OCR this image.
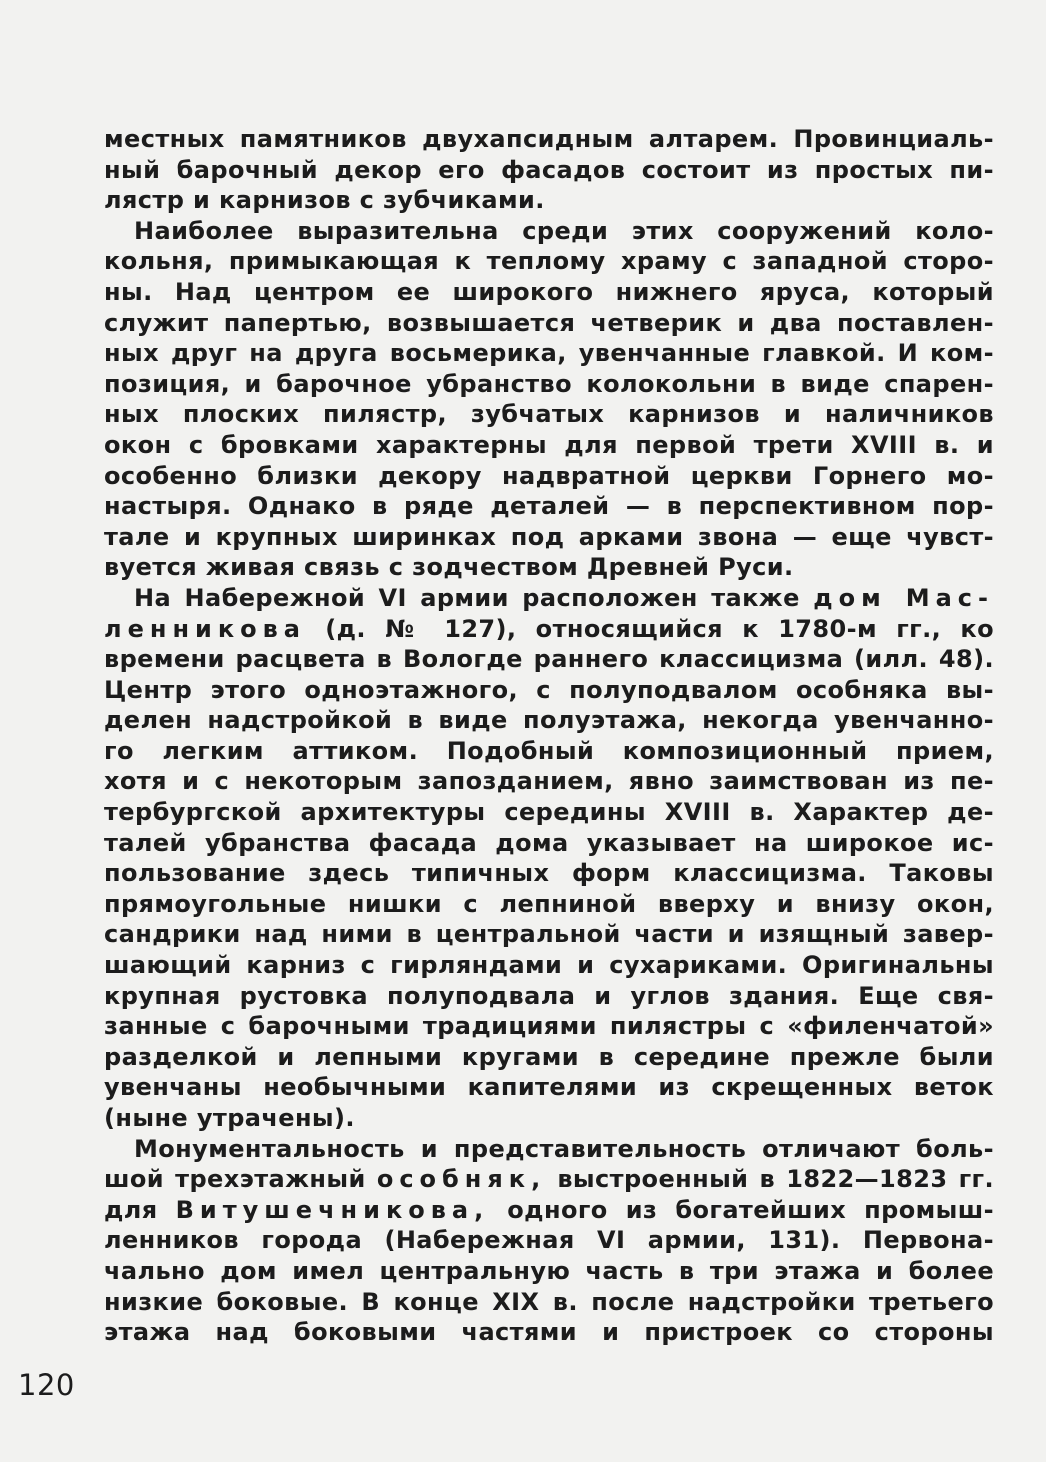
местных памятников двухапсидным алтарем. Провинциаль-
ный барочный декор его фасадов состоит из простых пи-
лястр и карнизов с зубчиками.
Наиболее выразительна среди этих сооружений коло-
кольня, примыкающая к теплому храму с западной сторо-
ны. Над центром ее широкого нижнего яруса, который
служит папертью, возвышается четверик и два поставлен-
ных друг на друга восьмерика, увенчанные главкой. И ком-
позиция, и барочное убранство колокольни в виде спарен-
ных плоских пилястр, зубчатых карнизов и наличников
окон с бровками характерны для первой трети XVIII в. и
особенно близки декору надвратной церкви Горнего мо-
настыря. Однако в ряде деталей — в перспективном пор-
тале и крупных ширинках под арками звона — еще чувст-
вуется живая связь с зодчеством Древней Руси.
На Набережной VI армии расположен также дом Мас-
ленникова (д. № 127), относящийся к 1780-м гг., ко
времени расцвета в Вологде раннего классицизма (илл. 48).
Центр этого одноэтажного, с полуподвалом особняка вы-
делен надстройкой в виде полуэтажа, некогда увенчанно-
го легким аттиком. Подобный композиционный прием,
хотя и с некоторым запозданием, явно заимствован из пе-
тербургской архитектуры середины XVIII в. Характер де-
талей убранства фасада дома указывает на широкое ис-
пользование здесь типичных форм классицизма. Таковы
прямоугольные нишки с лепниной вверху и внизу окон,
сандрики над ними в центральной части и изящный завер-
шающий карниз с гирляндами и сухариками. Оригинальны
крупная рустовка полуподвала и углов здания. Еще свя-
занные с барочными традициями пилястры с «филенчатой»
разделкой и лепными кругами в середине прежле были
увенчаны необычными капителями из скрещенных веток
(ныне утрачены).
Монументальность и представительность отличают боль-
шой трехэтажный особняк, выстроенный в 1822—1823 гг.
для Витушечникова, одного из богатейших промыш-
ленников города (Набережная VI армии, 131). Первона-
чально дом имел центральную часть в три этажа и более
низкие боковые. В конце XIX в. после надстройки третьего
этажа над боковыми частями и пристроек со стороны
120
